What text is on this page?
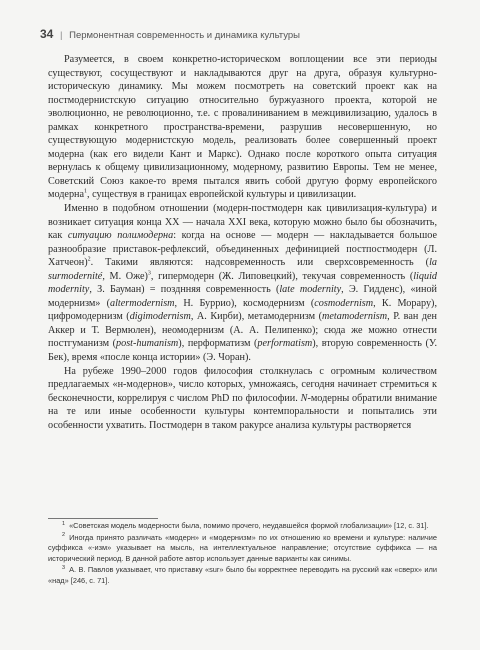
34 | Пермонентная современность и динамика культуры

Разумеется, в своем конкретно-историческом воплощении все эти периоды существуют, сосуществуют и накладываются друг на друга, образуя культурно-историческую динамику. Мы можем посмотреть на советский проект как на постмодернистскую ситуацию относительно буржуазного проекта, которой не эволюционно, не революционно, т.е. с провалиниванием в межцивилизацию, удалось в рамках конкретного пространства-времени, разрушив несовершенную, но существующую модернистскую модель, реализовать более совершенный проект модерна (как его видели Кант и Маркс). Однако после короткого опыта ситуация вернулась к общему цивилизационному, модерному, развитию Европы. Тем не менее, Советский Союз какое-то время пытался явить собой другую форму европейского модерна$^1$, существуя в границах европейской культуры и цивилизации.

Именно в подобном отношении (модерн-постмодерн как цивилизация-культура) и возникает ситуация конца XX — начала XXI века, которую можно было бы обозначить, как ситуацию полимодерна: когда на основе — модерн — накладывается большое разнообразие приставок-рефлексий, объединенных дефиницией постпостмодерн (Л. Хатчеон)$^2$. Такими являются: надсовременность или сверхсовременность (la surmodernité, М. Оже)$^3$, гипермодерн (Ж. Липовецкий), текучая современность (liquid modernity, З. Бауман) = позднняя современность (late modernity, Э. Гидденс), «иной модернизм» (altermodernism, Н. Буррио), космодернизм (cosmodernism, К. Морару), цифромодернизм (digimodernism, А. Кирби), метамодернизм (metamodernism, Р. ван ден Аккер и Т. Вермюлен), неомодернизм (А. А. Пелипенко); сюда же можно отнести постгуманизм (post-humanism), перформатизм (performatism), вторую современность (У. Бек), время «после конца истории» (Э. Чоран).

На рубеже 1990–2000 годов философия столкнулась с огромным количеством предлагаемых «н-модернов», число которых, умножаясь, сегодня начинает стремиться к бесконечности, коррелируя с числом PhD по философии. N-модерны обратили внимание на те или иные особенности культуры контемпоральности и попытались эти особенности ухватить. Постмодерн в таком ракурсе анализа культуры растворяется

$^1$ «Советская модель модерности была, помимо прочего, неудавшейся формой глобализации» [12, с. 31].

$^2$ Иногда принято различать «модерн» и «модернизм» по их отношению ко времени и культуре: наличие суффикса «-изм» указывает на мысль, на интеллектуальное направление; отсутствие суффикса — на исторический период. В данной работе автор использует данные варианты как синимы.

$^3$ А. В. Павлов указывает, что приставку «sur» было бы корректнее переводить на русский как «сверх» или «над» [246, с. 71].
